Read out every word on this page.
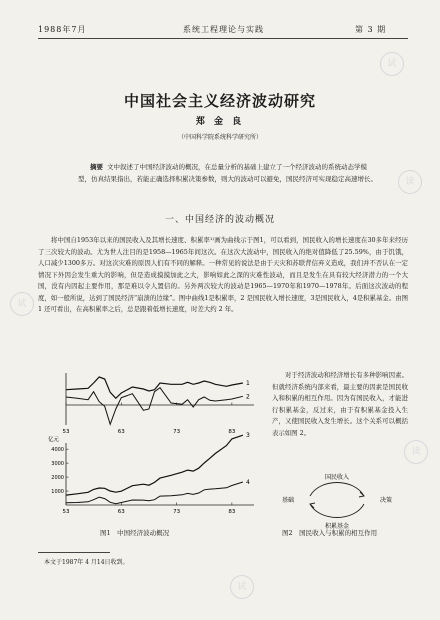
1988年7月	系统工程理论与实践	第 3 期
中国社会主义经济波动研究
郑 金 良
（中国科学院系统科学研究所）
摘要 文中叙述了中国经济波动的概况，在总量分析的基础上建立了一个经济波动的系统动态学模型，仿真结果指出，若能正确选择积累决策参数，则大的波动可以避免，国民经济可实现稳定高速增长。
一、中国经济的波动概况
将中国自1953年以来的国民收入及其增长速度、积累率¹⁾画为曲线示于图1，可以看到，国民收入的增长速度在30多年来经历了三次较大的波动。尤为世人注目的是1958—1965年间这次。在这次大波动中，国民收入的绝对值降低了25.59%，由于饥饿，人口减少1300多万。对这次灾难的原因人们有不同的解释。一种常见的说法是由于天灾和苏联背信弃义造成，我们并不否认在一定情况下外因会发生重大的影响，但是造成摸摸加此之大，影响如此之深的灾难性波动，而且是发生在具有较大经济潜力的一个大国，没有内因起主要作用，那是难以令人置信的。另外两次较大的波动是1965—1970年和1970—1978年。后面这次波动的程度，如一般所说，达到了国民经济“崩溃的边缘”。图中曲线1是积累率，2 是国民收入增长速度，3是国民收入，4是积累基金。由图 1 还可看出，在高积累率之后，总是跟着低增长速度，时差大约 2 年。
53	63	73	83
1
2
53	63	73	83
1000
2000
3000
4000
亿元
3
4
图1　中国经济波动概况
对于经济波动和经济增长有多种影响因素。但就经济系统内部来看，最主要的因素是国民收入和积累的相互作用。因为有国民收入，才能进行积累基金，反过来，由于有积累基金投入生产，又使国民收入发生增长。这个关系可以概括表示如图 2。
国民收入
积累基金
基础	决策
图2　国民收入与积累的相互作用
本文于1987年 4 月14日收到。
试
读
试
读
试
